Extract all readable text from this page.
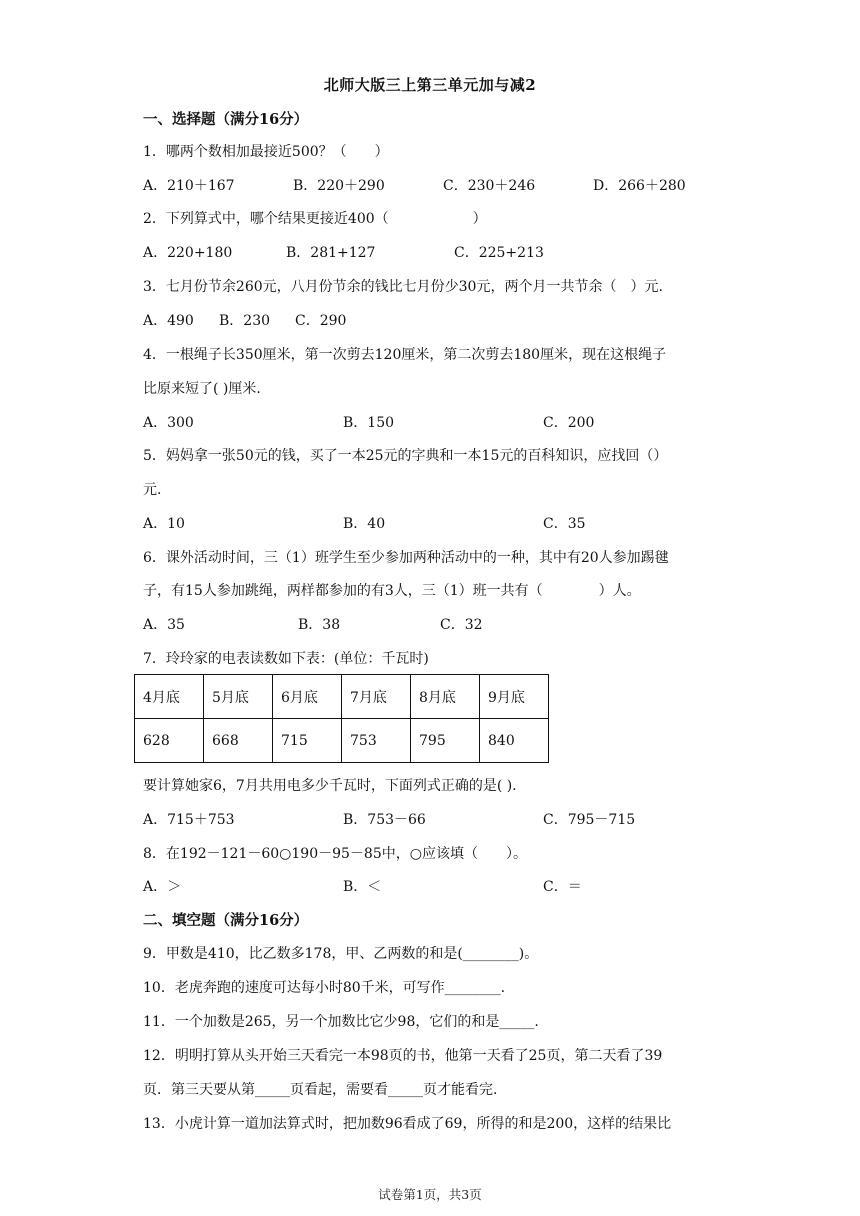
北师大版三上第三单元加与减2
一、选择题（满分16分）
1．哪两个数相加最接近500？（　　）
A．210＋167	B．220＋290	C．230＋246	D．266＋280
2．下列算式中，哪个结果更接近400（　　　　　　）
A．220+180	B．281+127	C．225+213
3．七月份节余260元，八月份节余的钱比七月份少30元，两个月一共节余（　）元.
A．490 B．230 C．290
4．一根绳子长350厘米，第一次剪去120厘米，第二次剪去180厘米，现在这根绳子
比原来短了( )厘米.
A．300	B．150	C．200
5．妈妈拿一张50元的钱，买了一本25元的字典和一本15元的百科知识，应找回（）
元.
A．10	B．40	C．35
6．课外活动时间，三（1）班学生至少参加两种活动中的一种，其中有20人参加踢毽
子，有15人参加跳绳，两样都参加的有3人，三（1）班一共有（　　　　）人。
A．35	B．38	C．32
7．玲玲家的电表读数如下表：(单位：千瓦时)
4月底	5月底	6月底	7月底	8月底	9月底
628	668	715	753	795	840
要计算她家6，7月共用电多少千瓦时，下面列式正确的是( ).
A．715＋753	B．753－66	C．795－715
8．在192－121－60○190－95－85中，○应该填（　　）。
A．＞	B．＜	C．＝
二、填空题（满分16分）
9．甲数是410，比乙数多178，甲、乙两数的和是(________)。
10．老虎奔跑的速度可达每小时80千米，可写作________.
11．一个加数是265，另一个加数比它少98，它们的和是_____.
12．明明打算从头开始三天看完一本98页的书，他第一天看了25页，第二天看了39
页．第三天要从第_____页看起，需要看_____页才能看完.
13．小虎计算一道加法算式时，把加数96看成了69，所得的和是200，这样的结果比
试卷第1页，共3页
